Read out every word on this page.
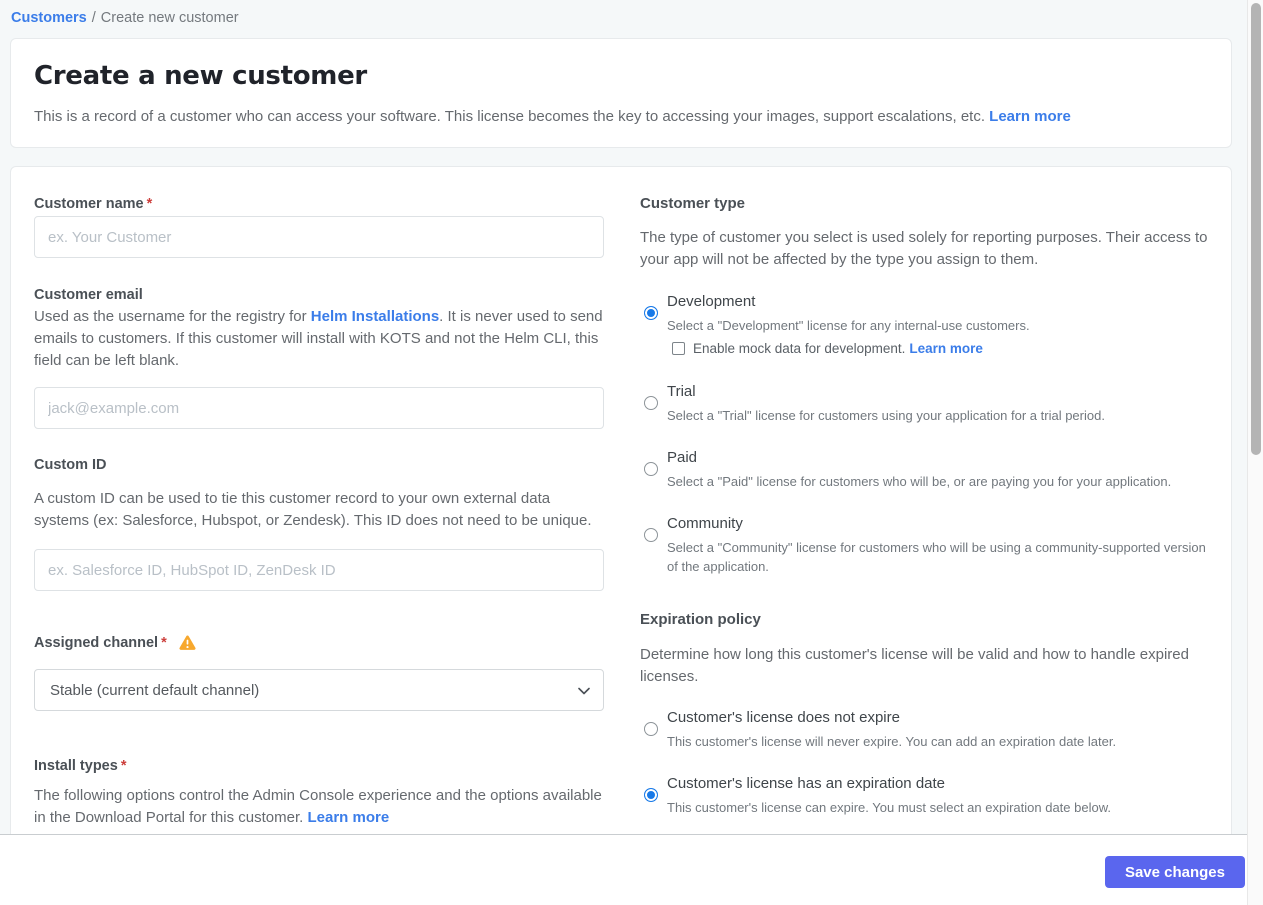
Customers / Create new customer
Create a new customer
This is a record of a customer who can access your software. This license becomes the key to accessing your images, support escalations, etc. Learn more
Customer name *
ex. Your Customer
Customer email
Used as the username for the registry for Helm Installations. It is never used to send emails to customers. If this customer will install with KOTS and not the Helm CLI, this field can be left blank.
jack@example.com
Custom ID
A custom ID can be used to tie this customer record to your own external data systems (ex: Salesforce, Hubspot, or Zendesk). This ID does not need to be unique.
ex. Salesforce ID, HubSpot ID, ZenDesk ID
Assigned channel *
Stable (current default channel)
Install types *
The following options control the Admin Console experience and the options available in the Download Portal for this customer. Learn more
Customer type
The type of customer you select is used solely for reporting purposes. Their access to your app will not be affected by the type you assign to them.
Development
Select a "Development" license for any internal-use customers.
Enable mock data for development. Learn more
Trial
Select a "Trial" license for customers using your application for a trial period.
Paid
Select a "Paid" license for customers who will be, or are paying you for your application.
Community
Select a "Community" license for customers who will be using a community-supported version of the application.
Expiration policy
Determine how long this customer's license will be valid and how to handle expired licenses.
Customer's license does not expire
This customer's license will never expire. You can add an expiration date later.
Customer's license has an expiration date
This customer's license can expire. You must select an expiration date below.
Save changes
